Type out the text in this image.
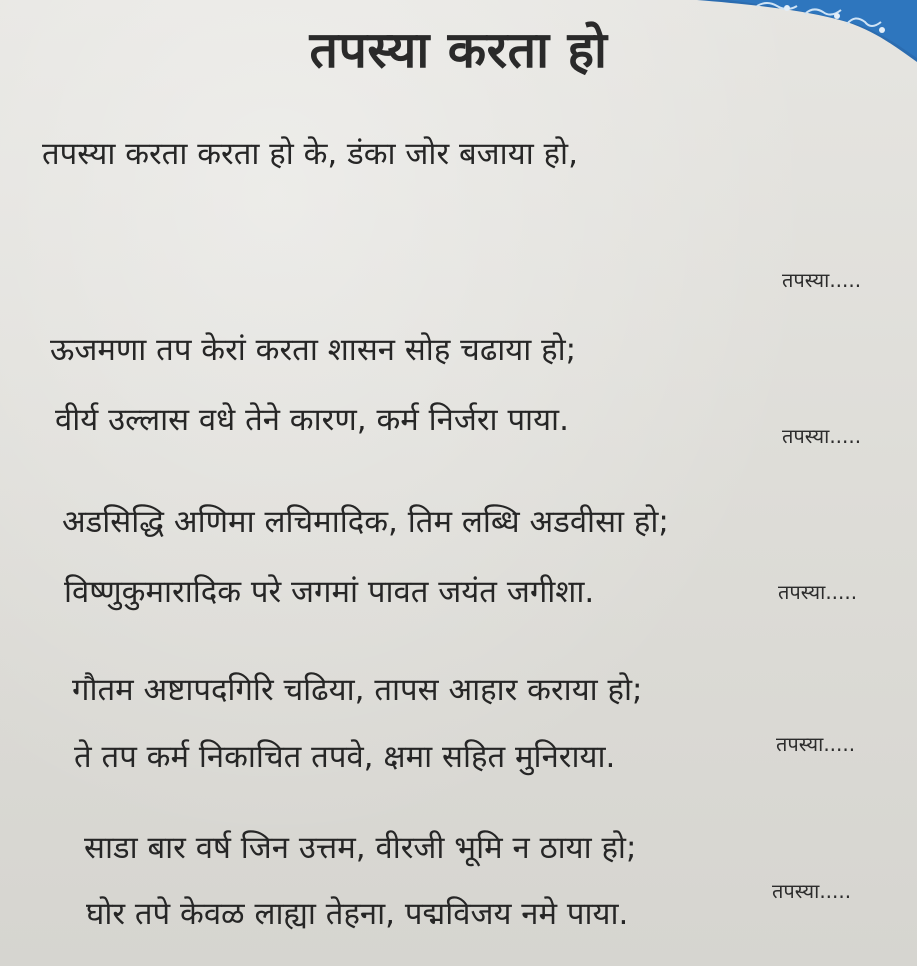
तपस्या करता हो
तपस्या करता करता हो के, डंका जोर बजाया हो,
तपस्या.....
ऊजमणा तप केरां करता शासन सोह चढाया हो;
वीर्य उल्लास वधे तेने कारण, कर्म निर्जरा पाया.	तपस्या.....
अडसिद्धि अणिमा लचिमादिक, तिम लब्धि अडवीसा हो;
विष्णुकुमारादिक परे जगमां पावत जयंत जगीशा.	तपस्या.....
गौतम अष्टापदगिरि चढिया, तापस आहार कराया हो;
ते तप कर्म निकाचित तपवे, क्षमा सहित मुनिराया.	तपस्या.....
साडा बार वर्ष जिन उत्तम, वीरजी भूमि न ठाया हो;
घोर तपे केवळ लाह्या तेहना, पद्मविजय नमे पाया.
तपस्या.....
